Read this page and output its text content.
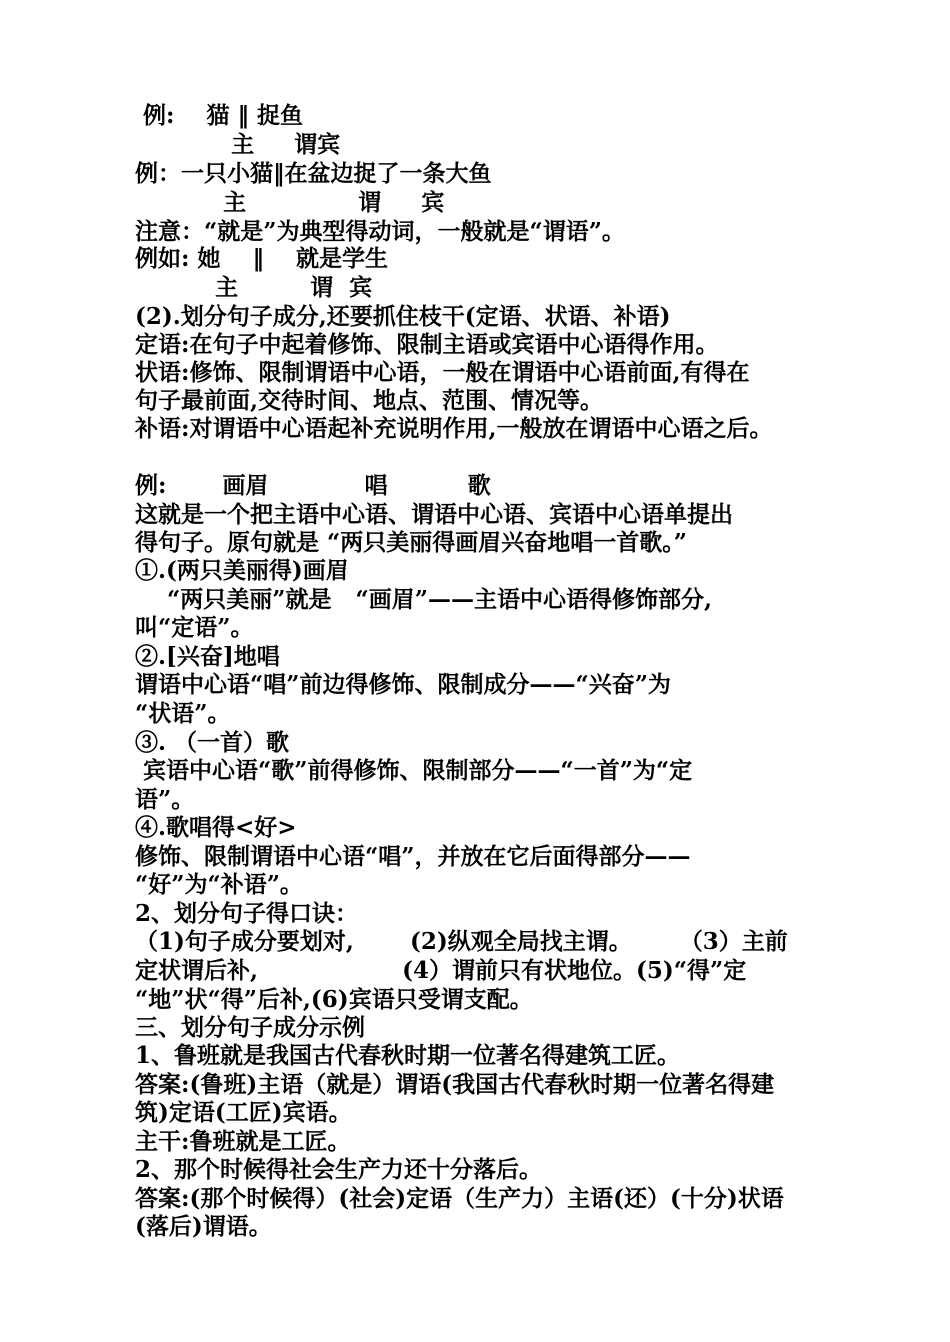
例:    猫 ‖ 捉鱼
主     谓宾
例：一只小猫‖在盆边捉了一条大鱼
主              谓     宾
注意：“就是”为典型得动词，一般就是“谓语”。
例如: 她    ‖    就是学生
主         谓  宾
(2).划分句子成分,还要抓住枝干(定语、状语、补语)
定语:在句子中起着修饰、限制主语或宾语中心语得作用。
状语:修饰、限制谓语中心语，一般在谓语中心语前面,有得在
句子最前面,交待时间、地点、范围、情况等。
补语:对谓语中心语起补充说明作用,一般放在谓语中心语之后。
例:       画眉            唱          歌
这就是一个把主语中心语、谓语中心语、宾语中心语单提出
得句子。原句就是 “两只美丽得画眉兴奋地唱一首歌。”
①.(两只美丽得)画眉
“两只美丽”就是   “画眉”——主语中心语得修饰部分,
叫“定语”。
②.[兴奋]地唱
谓语中心语“唱”前边得修饰、限制成分——“兴奋”为
“状语”。
③. （一首）歌
宾语中心语“歌”前得修饰、限制部分——“一首”为“定
语”。
④.歌唱得<好>
修饰、限制谓语中心语“唱”，并放在它后面得部分——
“好”为“补语”。
2、划分句子得口诀：
（1)句子成分要划对,       (2)纵观全局找主谓。      （3）主前
定状谓后补,                  (4）谓前只有状地位。(5)“得”定
“地”状“得”后补,(6)宾语只受谓支配。
三、划分句子成分示例
1、鲁班就是我国古代春秋时期一位著名得建筑工匠。
答案:(鲁班)主语（就是）谓语(我国古代春秋时期一位著名得建
筑)定语(工匠)宾语。
主干:鲁班就是工匠。
2、那个时候得社会生产力还十分落后。
答案:(那个时候得）(社会)定语（生产力）主语(还）(十分)状语
(落后)谓语。
